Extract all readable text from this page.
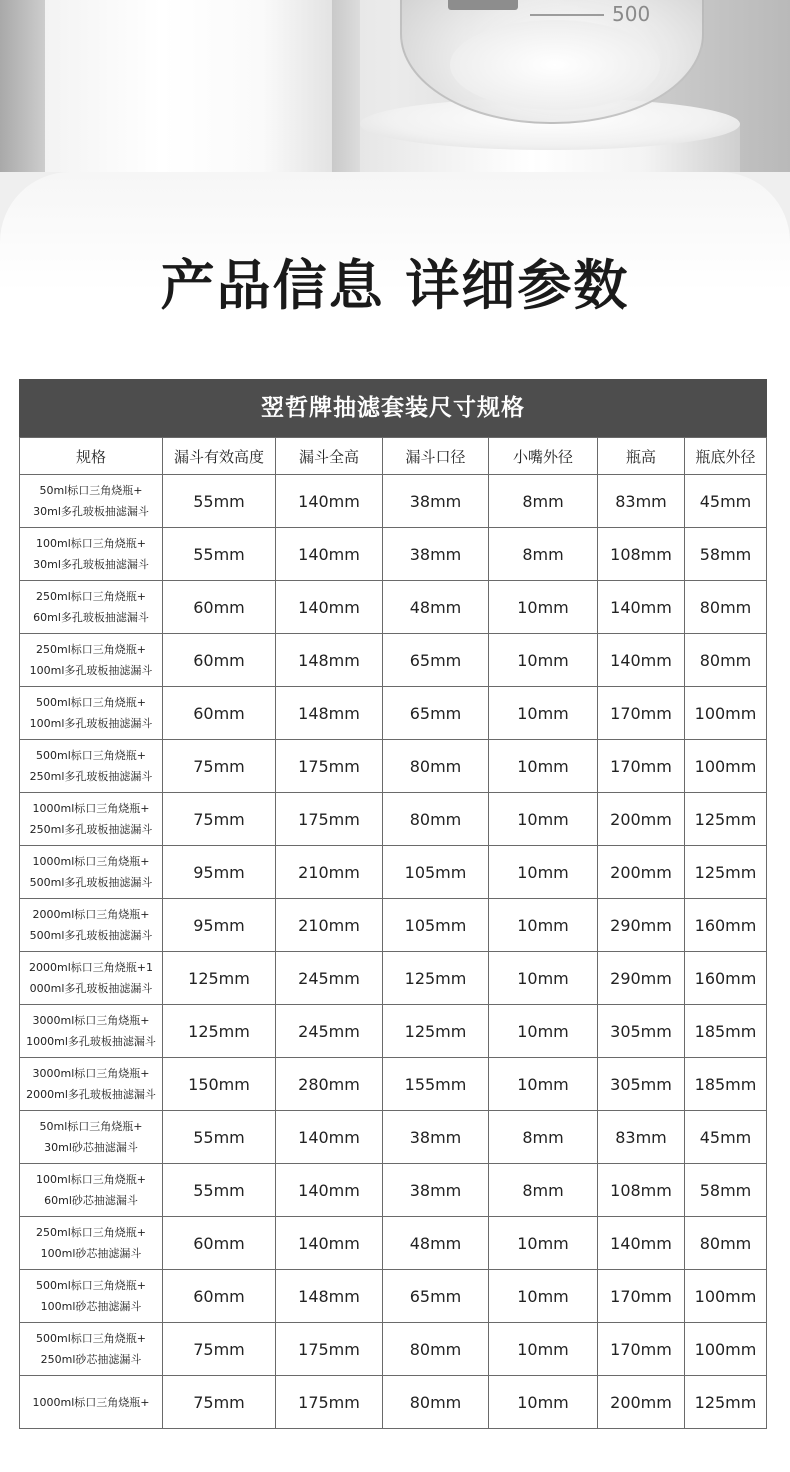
500
产品信息 详细参数
翌哲牌抽滤套装尺寸规格
规格	漏斗有效高度	漏斗全高	漏斗口径	小嘴外径	瓶高	瓶底外径

50ml标口三角烧瓶+
30ml多孔玻板抽滤漏斗	55mm	140mm	38mm	8mm	83mm	45mm

100ml标口三角烧瓶+
30ml多孔玻板抽滤漏斗	55mm	140mm	38mm	8mm	108mm	58mm

250ml标口三角烧瓶+
60ml多孔玻板抽滤漏斗	60mm	140mm	48mm	10mm	140mm	80mm

250ml标口三角烧瓶+
100ml多孔玻板抽滤漏斗	60mm	148mm	65mm	10mm	140mm	80mm

500ml标口三角烧瓶+
100ml多孔玻板抽滤漏斗	60mm	148mm	65mm	10mm	170mm	100mm

500ml标口三角烧瓶+
250ml多孔玻板抽滤漏斗	75mm	175mm	80mm	10mm	170mm	100mm

1000ml标口三角烧瓶+
250ml多孔玻板抽滤漏斗	75mm	175mm	80mm	10mm	200mm	125mm

1000ml标口三角烧瓶+
500ml多孔玻板抽滤漏斗	95mm	210mm	105mm	10mm	200mm	125mm

2000ml标口三角烧瓶+
500ml多孔玻板抽滤漏斗	95mm	210mm	105mm	10mm	290mm	160mm

2000ml标口三角烧瓶+1
000ml多孔玻板抽滤漏斗	125mm	245mm	125mm	10mm	290mm	160mm

3000ml标口三角烧瓶+
1000ml多孔玻板抽滤漏斗	125mm	245mm	125mm	10mm	305mm	185mm

3000ml标口三角烧瓶+
2000ml多孔玻板抽滤漏斗	150mm	280mm	155mm	10mm	305mm	185mm

50ml标口三角烧瓶+
30ml砂芯抽滤漏斗	55mm	140mm	38mm	8mm	83mm	45mm

100ml标口三角烧瓶+
60ml砂芯抽滤漏斗	55mm	140mm	38mm	8mm	108mm	58mm

250ml标口三角烧瓶+
100ml砂芯抽滤漏斗	60mm	140mm	48mm	10mm	140mm	80mm

500ml标口三角烧瓶+
100ml砂芯抽滤漏斗	60mm	148mm	65mm	10mm	170mm	100mm

500ml标口三角烧瓶+
250ml砂芯抽滤漏斗	75mm	175mm	80mm	10mm	170mm	100mm

1000ml标口三角烧瓶+	75mm	175mm	80mm	10mm	200mm	125mm
